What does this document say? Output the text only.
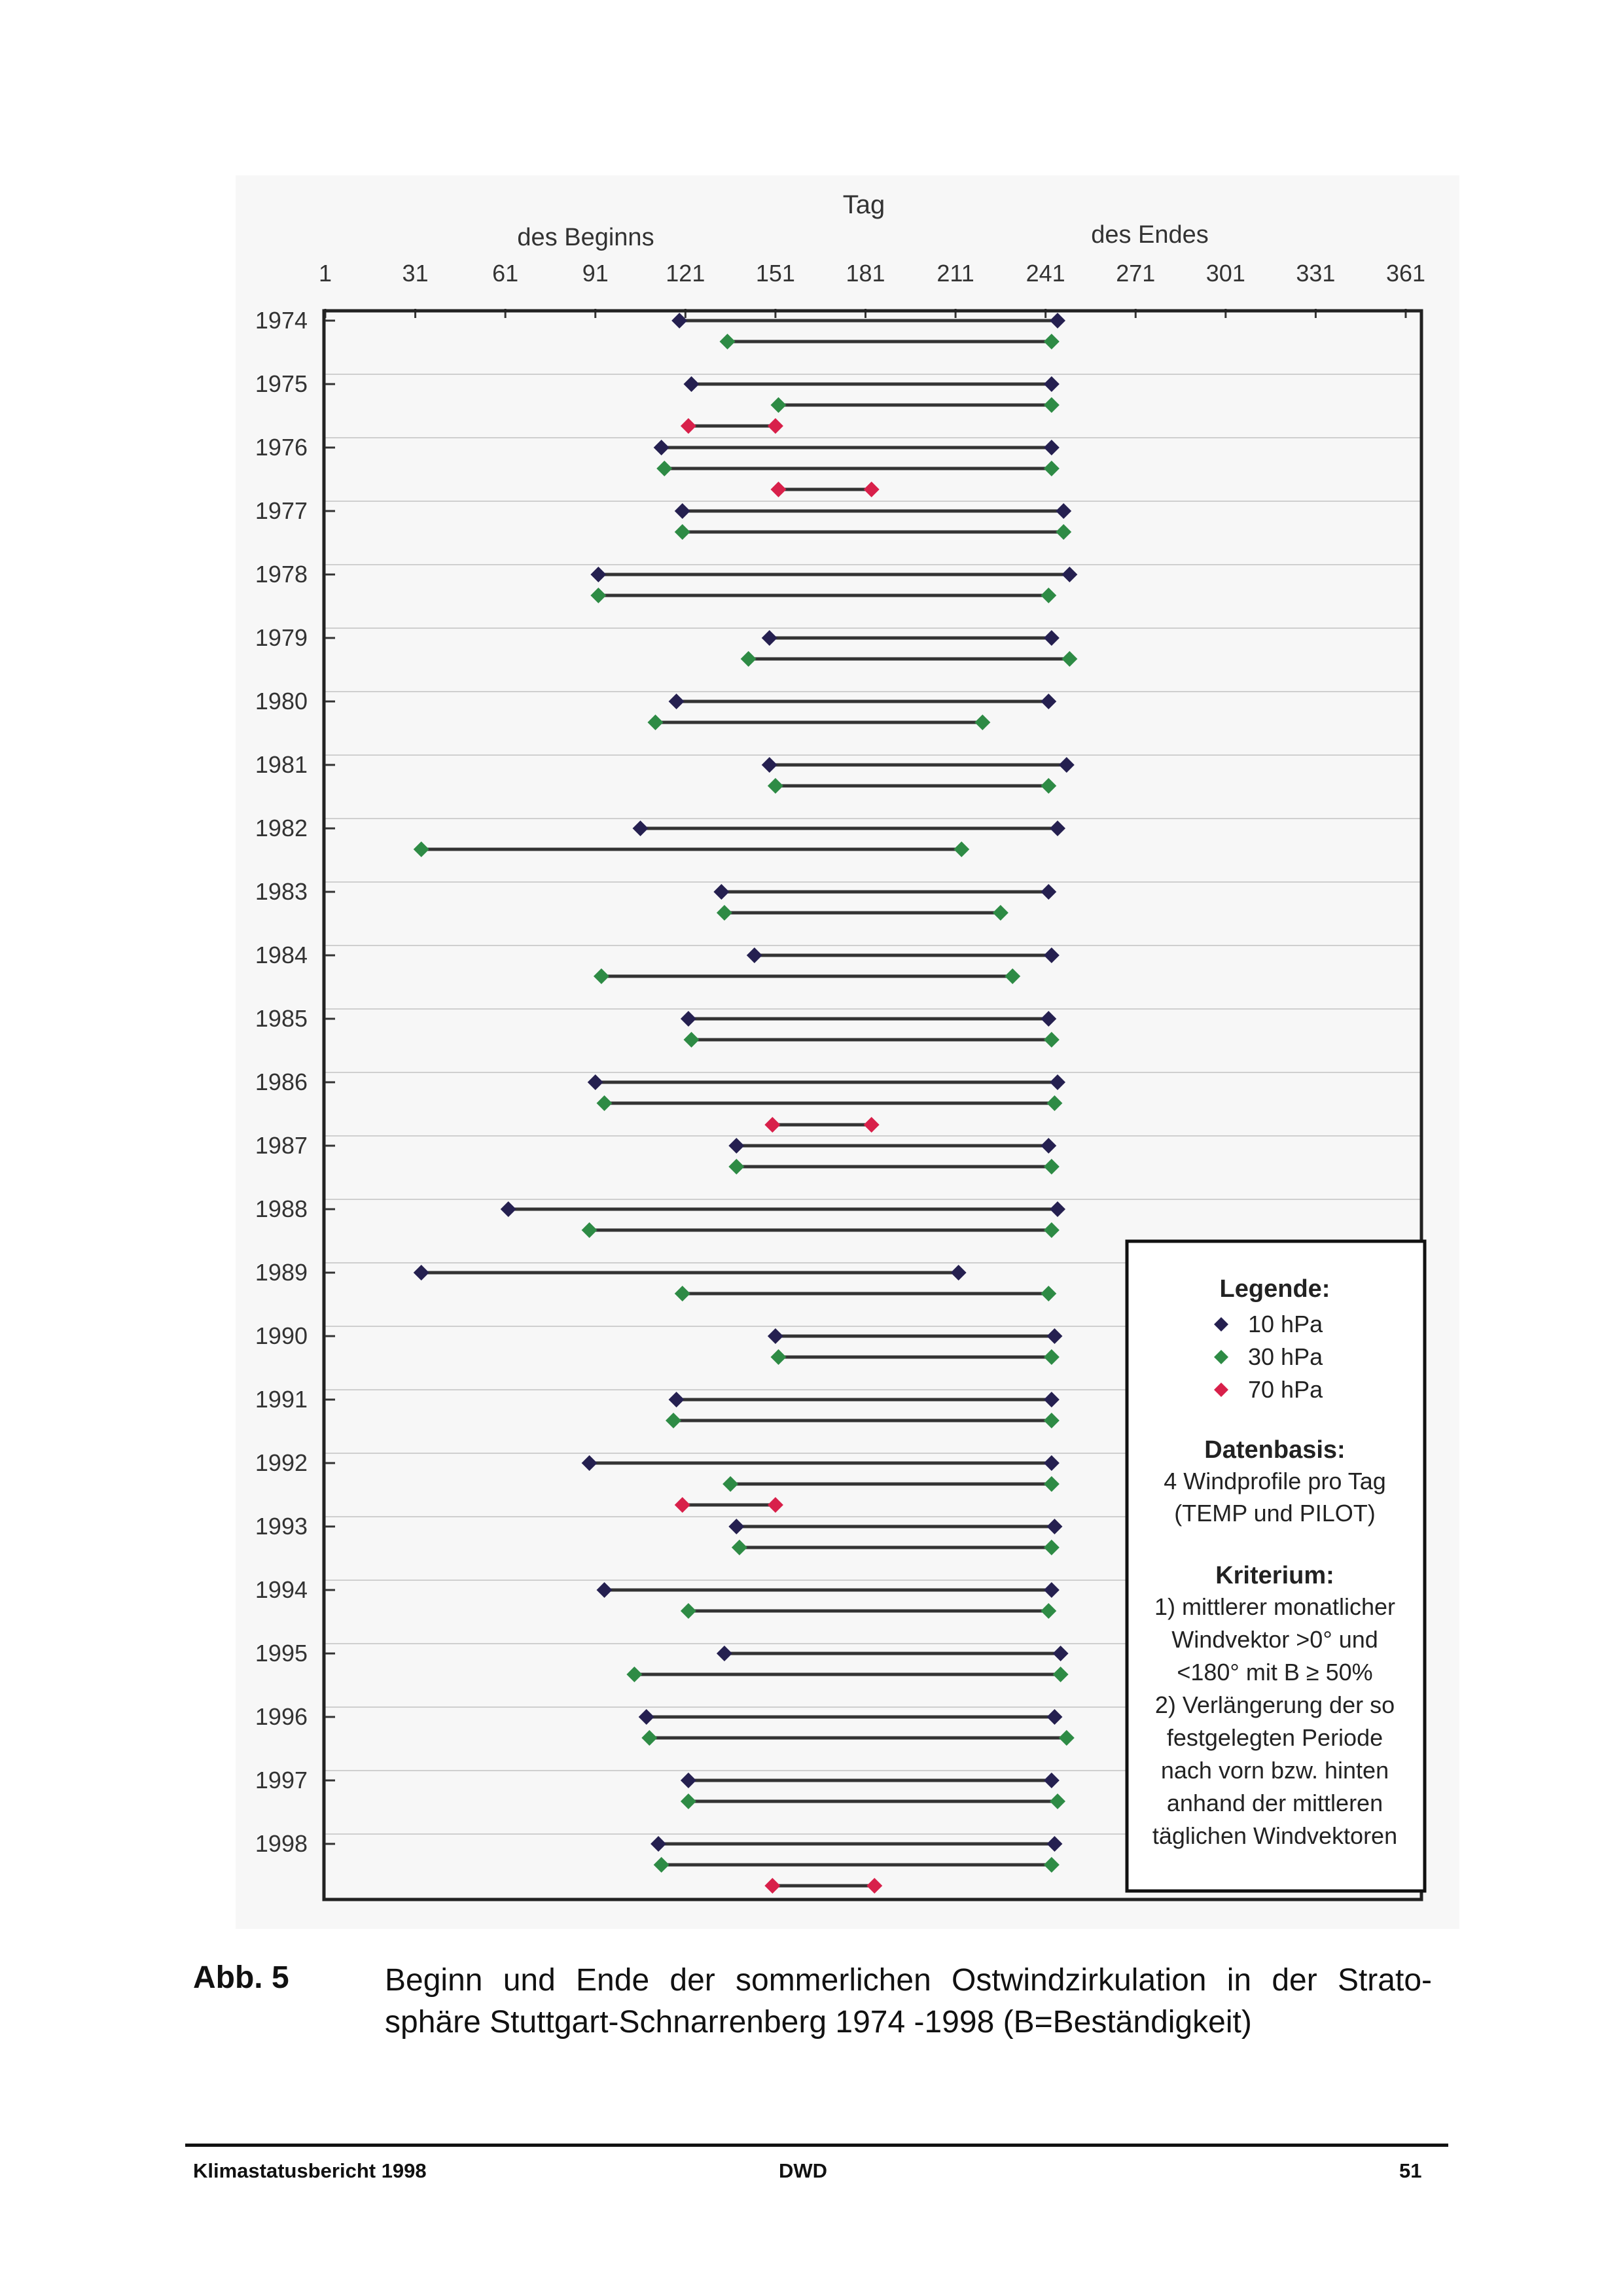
Tag
des Beginns	des Endes
1	31	61	91 121 151 181 211 241 271 301 331 361
1974
1975
1976
1977
1978
1979
1980
1981
1982
1983
1984
1985
1986
1987
1988
1989
1990
1991
1992
1993
1994
1995
1996
1997
1998
Legende:
10 hPa
30 hPa
70 hPa
Datenbasis:
4 Windprofile pro Tag
(TEMP und PILOT)
Kriterium:
1) mittlerer monatlicher
Windvektor >0° und
<180° mit B ≥ 50%
2) Verlängerung der so
festgelegten Periode
nach vorn bzw. hinten
anhand der mittleren
täglichen Windvektoren
Abb. 5	Beginn und Ende der sommerlichen Ostwindzirkulation in der Strato-sphäre Stuttgart-Schnarrenberg 1974 -1998 (B=Beständigkeit)
Klimastatusbericht 1998	DWD	51
